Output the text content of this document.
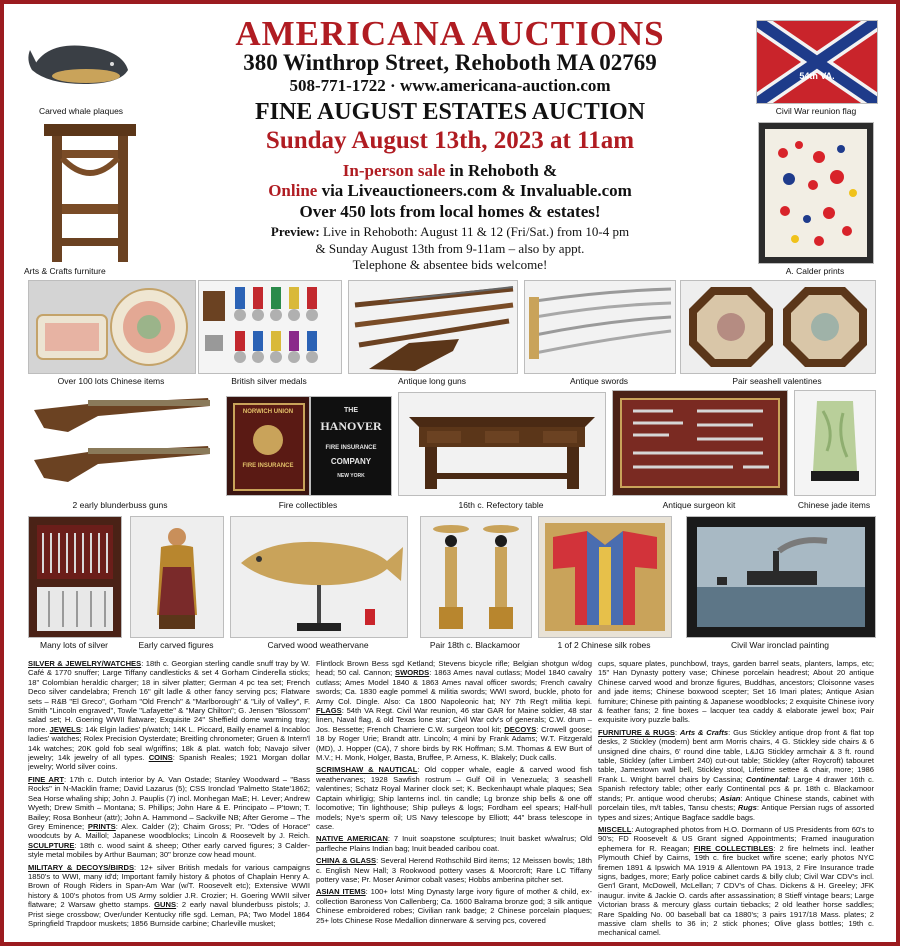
AMERICANA AUCTIONS
380 Winthrop Street, Rehoboth MA 02769
508-771-1722 · www.americana-auction.com
FINE AUGUST ESTATES AUCTION
Sunday August 13th, 2023 at 11am
In-person sale in Rehoboth &
Online via Liveauctioneers.com & Invaluable.com
Over 450 lots from local homes & estates!
Preview: Live in Rehoboth: August 11 & 12 (Fri/Sat.) from 10-4 pm
& Sunday August 13th from 9-11am – also by appt.
Telephone & absentee bids welcome!
Carved whale plaques
Arts & Crafts furniture
54th VA.
Civil War reunion flag
A. Calder prints
Over 100 lots Chinese items	British silver medals	Antique long guns	Antique swords	Pair seashell valentines
2 early blunderbuss guns
NORWICH UNION
FIRE INSURANCE
THE
HANOVER
FIRE INSURANCE
COMPANY
NEW YORK
Fire collectibles	16th c. Refectory table	Antique surgeon kit	Chinese jade items
Many lots of silver	Early carved figures	Carved wood weathervane	Pair 18th c. Blackamoor	1 of 2 Chinese silk robes	Civil War ironclad painting

SILVER & JEWELRY/WATCHES: 18th c. Georgian sterling candle snuff tray by W. Café & 1770 snuffer; Large Tiffany candlesticks & set 4 Gorham Cinderella sticks; 18" Colombian heraldic charger; 18 in silver platter; German 4 pc tea set; French Deco silver candelabra; French 16" gilt ladle & other fancy serving pcs; Flatware sets – R&B "El Greco", Gorham "Old French" & "Marlborough" & "Lily of Valley", F. Smith "Lincoln engraved", Towle "Lafayette" & "Mary Chilton"; G. Jensen "Blossom" salad set; H. Goering WWII flatware; Exquisite 24" Sheffield dome warming tray; more. JEWELS: 14k Elgin ladies' p/watch; 14K L. Piccard, Bailly enamel & Incabloc ladies' watches; Rolex Precision Oysterdate; Breitling chronometer; Gruen & Intern'l 14k watches; 20K gold fob seal w/griffins; 18k & plat. watch fob; Navajo silver jewelry; 14k jewelry of all types. COINS: Spanish Reales; 1921 Morgan dollar jewelry; World silver coins.

FINE ART: 17th c. Dutch interior by A. Van Ostade; Stanley Woodward – "Bass Rocks" in N-Macklin frame; David Lazarus (5); CSS Ironclad 'Palmetto State'1862; Sea Horse whaling ship; John J. Pauplis (7) incl. Monhegan MaE; H. Lever; Andrew Wyeth; Drew Smith – Montana; S. Phillips; John Hare & E. Principato – P'town; T. Bailey; Rosa Bonheur (attr); John A. Hammond – Sackville NB; After Gerome – The Grey Eminence; PRINTS: Alex. Calder (2); Chaim Gross; Pr. "Odes of Horace" woodcuts by A. Maillol; Japanese woodblocks; Lincoln & Roosevelt by J. Reich. SCULPTURE: 18th c. wood saint & sheep; Other early carved figures; 3 Calder-style metal mobiles by Arthur Bauman; 30" bronze cow head mount.

MILITARY & DECOYS/BIRDS: 12+ silver British medals for various campaigns 1850's to WWI, many id'd; Important family history & photos of Chaplain Henry A. Brown of Rough Riders in Span-Am War (w/T. Roosevelt etc); Extensive WWII history & 100's photos from US Army soldier J.R. Crozier; H. Goering WWII silver flatware; 2 Warsaw ghetto stamps. GUNS: 2 early naval blunderbuss pistols; J. Prist siege crossbow; Over/under Kentucky rifle sgd. Leman, PA; Two Model 1864 Springfield Trapdoor muskets; 1856 Burnside carbine; Charleville musket;

Flintlock Brown Bess sgd Ketland; Stevens bicycle rifle; Belgian shotgun w/dog head; 50 cal. Cannon; SWORDS: 1863 Ames naval cutlass; Model 1840 cavalry cutlass; Ames Model 1840 & 1863 Ames naval officer swords; French cavalry swords; Ca. 1830 eagle pommel & militia swords; WWI sword, buckle, photo for Army Col. Dingle. Also: Ca 1800 Napoleonic hat; NY 7th Reg't militia kepi. FLAGS: 54th VA Regt. Civil War reunion, 46 star GAR for Maine soldier, 48 star linen, Naval flag, & old Texas lone star; Civil War cdv's of generals; C.W. drum – Jos. Bessette; French Charriere C.W. surgeon tool kit; DECOYS: Crowell goose; 18 by Roger Urie; Brandt attr. Lincoln; 4 mini by Frank Adams; W.T. Fitzgerald (MD), J. Hopper (CA), 7 shore birds by RK Hoffman; S.M. Thomas & EW Burt of M.V.; H. Monk, Holger, Basta, Bruffee, P. Arness, K. Blakely; Duck calls.

SCRIMSHAW & NAUTICAL: Old copper whale, eagle & carved wood fish weathervanes; 1928 Sawfish rostrum – Gulf Oil in Venezuela; 3 seashell valentines; Schatz Royal Mariner clock set; K. Beckenhaupt whale plaques; Sea Captain whirligig; Ship lanterns incl. tin candle; Lg bronze ship bells & one off locomotive; Tin lighthouse; Ship pulleys & logs; Fordham eel spears; Half-hull models; Nye's sperm oil; US Navy telescope by Elliott; 44" brass telescope in case.

NATIVE AMERICAN: 7 Inuit soapstone sculptures; Inuit basket w/walrus; Old parfleche Plains Indian bag; Inuit beaded caribou coat.

CHINA & GLASS: Several Herend Rothschild Bird items; 12 Meissen bowls; 18th c. English New Hall; 3 Rookwood pottery vases & Moorcroft; Rare LC Tiffany pottery vase; Pr. Moser Animor cobalt vases; Hobbs amberina pitcher set.

ASIAN ITEMS: 100+ lots! Ming Dynasty large ivory figure of mother & child, ex-collection Baroness Von Callenberg; Ca. 1600 Balrama bronze god; 3 silk antique Chinese embroidered robes; Civilian rank badge; 2 Chinese porcelain plaques; 25+ lots Chinese Rose Medallion dinnerware & serving pcs, covered

cups, square plates, punchbowl, trays, garden barrel seats, planters, lamps, etc; 15" Han Dynasty pottery vase; Chinese porcelain headrest; About 20 antique Chinese carved wood and bronze figures, Buddhas, ancestors; Cloisonne vases and jade items; Chinese boxwood scepter; Set 16 Imari plates; Antique Asian furniture; Chinese pith painting & Japanese woodblocks; 2 exquisite Chinese ivory & feather fans; 2 fine boxes – lacquer tea caddy & elaborate jewel box; Pair exquisite ivory puzzle balls.

FURNITURE & RUGS: Arts & Crafts: Gus Stickley antique drop front & flat top desks, 2 Stickley (modern) bent arm Morris chairs, 4 G. Stickley side chairs & 6 unsigned dine chairs, 6' round dine table, L&JG Stickley armchair & 3 ft. round table, Stickley (after Limbert 240) cut-out table; Stickley (after Roycroft) tabouret table, Jamestown wall bell, Stickley stool, Lifetime settee & chair, more; 1986 Frank L. Wright barrel chairs by Cassina; Continental: Large 4 drawer 16th c. Spanish refectory table; other early Continental pcs & pr. 18th c. Blackamoor stands; Pr. antique wood cherubs; Asian: Antique Chinese stands, cabinet with porcelain tiles, m/t tables, Tansu chests; Rugs: Antique Persian rugs of assorted types and sizes; Antique Bagface saddle bags.

MISCELL: Autographed photos from H.O. Dormann of US Presidents from 60's to 90's; FD Roosevelt & US Grant signed Appointments; Framed inauguration ephemera for R. Reagan; FIRE COLLECTIBLES: 2 fire helmets incl. leather Plymouth Chief by Cairns, 19th c. fire bucket w/fire scene; early photos NYC firemen 1891 & Ipswich MA 1919 & Allentown PA 1913, 2 Fire Insurance trade signs, badges, more; Early police cabinet cards & billy club; Civil War CDV's incl. Gen'l Grant, McDowell, McLellan; 7 CDV's of Chas. Dickens & H. Greeley; JFK inaugur. invite & Jackie O. cards after assassination; 8 Stieff vintage bears; Large Victorian brass & mercury glass curtain tiebacks; 2 old leather horse saddles; Rare Spalding No. 00 baseball bat ca 1880's; 3 pairs 1917/18 Mass. plates; 2 massive clam shells to 36 in; 2 stick phones; Olive glass bottles; 19th c. mechanical camel.
